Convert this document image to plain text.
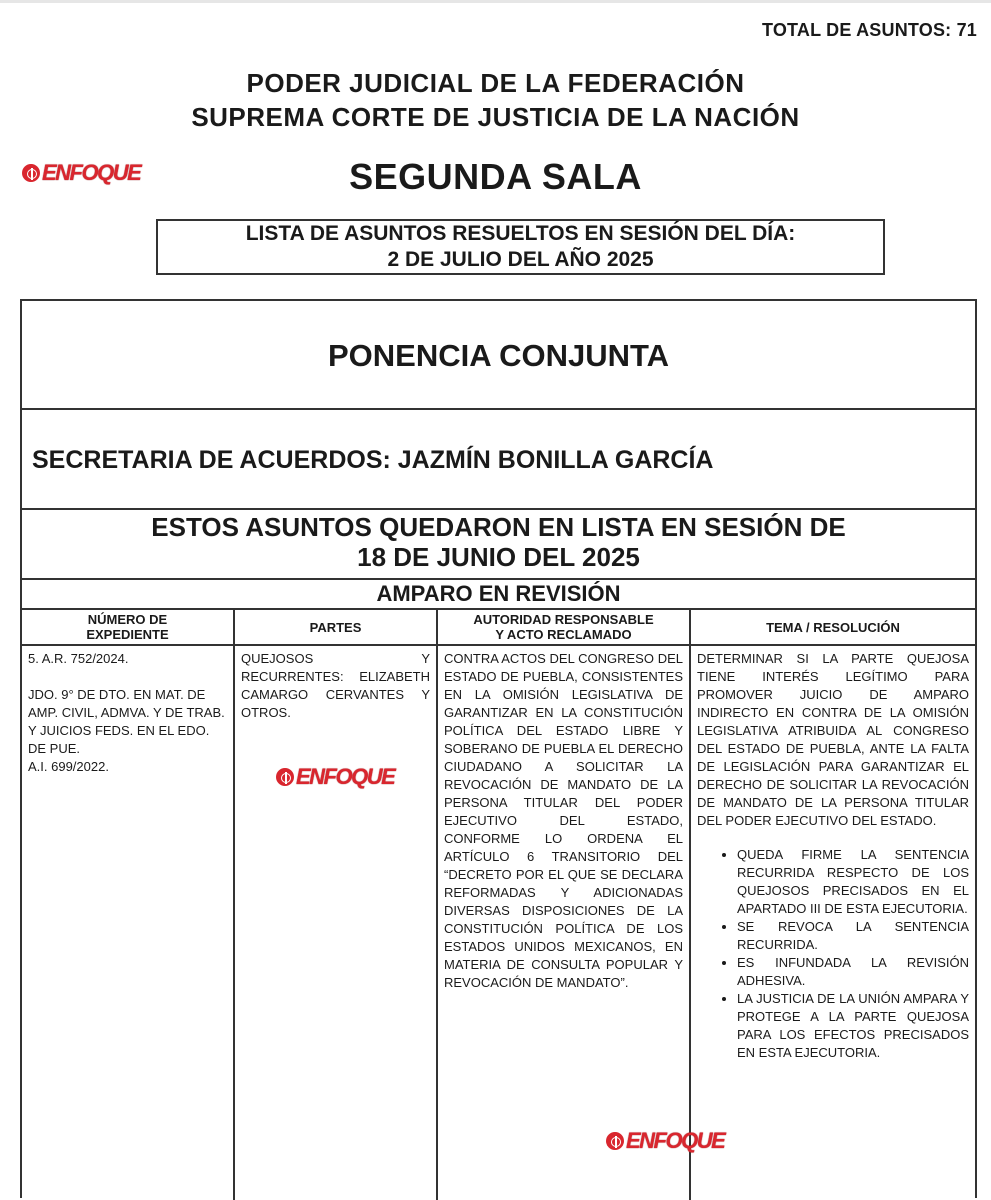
TOTAL DE ASUNTOS: 71
PODER JUDICIAL DE LA FEDERACIÓN
SUPREMA CORTE DE JUSTICIA DE LA NACIÓN
SEGUNDA SALA
ENFOQUE
LISTA DE ASUNTOS RESUELTOS EN SESIÓN DEL DÍA:
2 DE JULIO DEL AÑO 2025
PONENCIA CONJUNTA
SECRETARIA DE ACUERDOS: JAZMÍN BONILLA GARCÍA
ESTOS ASUNTOS QUEDARON EN LISTA EN SESIÓN DE
18 DE JUNIO DEL 2025
AMPARO EN REVISIÓN
NÚMERO DE
EXPEDIENTE

5. A.R. 752/2024.

JDO. 9° DE DTO. EN MAT. DE AMP. CIVIL, ADMVA. Y DE TRAB. Y JUICIOS FEDS. EN EL EDO. DE PUE.

A.I. 699/2022.

PARTES
QUEJOSOS Y RECURRENTES: ELIZABETH CAMARGO CERVANTES Y OTROS.
AUTORIDAD RESPONSABLE
Y ACTO RECLAMADO
CONTRA ACTOS DEL CONGRESO DEL ESTADO DE PUEBLA, CONSISTENTES EN LA OMISIÓN LEGISLATIVA DE GARANTIZAR EN LA CONSTITUCIÓN POLÍTICA DEL ESTADO LIBRE Y SOBERANO DE PUEBLA EL DERECHO CIUDADANO A SOLICITAR LA REVOCACIÓN DE MANDATO DE LA PERSONA TITULAR DEL PODER EJECUTIVO DEL ESTADO, CONFORME LO ORDENA EL ARTÍCULO 6 TRANSITORIO DEL “DECRETO POR EL QUE SE DECLARA REFORMADAS Y ADICIONADAS DIVERSAS DISPOSICIONES DE LA CONSTITUCIÓN POLÍTICA DE LOS ESTADOS UNIDOS MEXICANOS, EN MATERIA DE CONSULTA POPULAR Y REVOCACIÓN DE MANDATO”.
TEMA / RESOLUCIÓN
DETERMINAR SI LA PARTE QUEJOSA TIENE INTERÉS LEGÍTIMO PARA PROMOVER JUICIO DE AMPARO INDIRECTO EN CONTRA DE LA OMISIÓN LEGISLATIVA ATRIBUIDA AL CONGRESO DEL ESTADO DE PUEBLA, ANTE LA FALTA DE LEGISLACIÓN PARA GARANTIZAR EL DERECHO DE SOLICITAR LA REVOCACIÓN DE MANDATO DE LA PERSONA TITULAR DEL PODER EJECUTIVO DEL ESTADO.
• QUEDA FIRME LA SENTENCIA RECURRIDA RESPECTO DE LOS QUEJOSOS PRECISADOS EN EL APARTADO III DE ESTA EJECUTORIA.
• SE REVOCA LA SENTENCIA RECURRIDA.
• ES INFUNDADA LA REVISIÓN ADHESIVA.
• LA JUSTICIA DE LA UNIÓN AMPARA Y PROTEGE A LA PARTE QUEJOSA PARA LOS EFECTOS PRECISADOS EN ESTA EJECUTORIA.
ENFOQUE
ENFOQUE
